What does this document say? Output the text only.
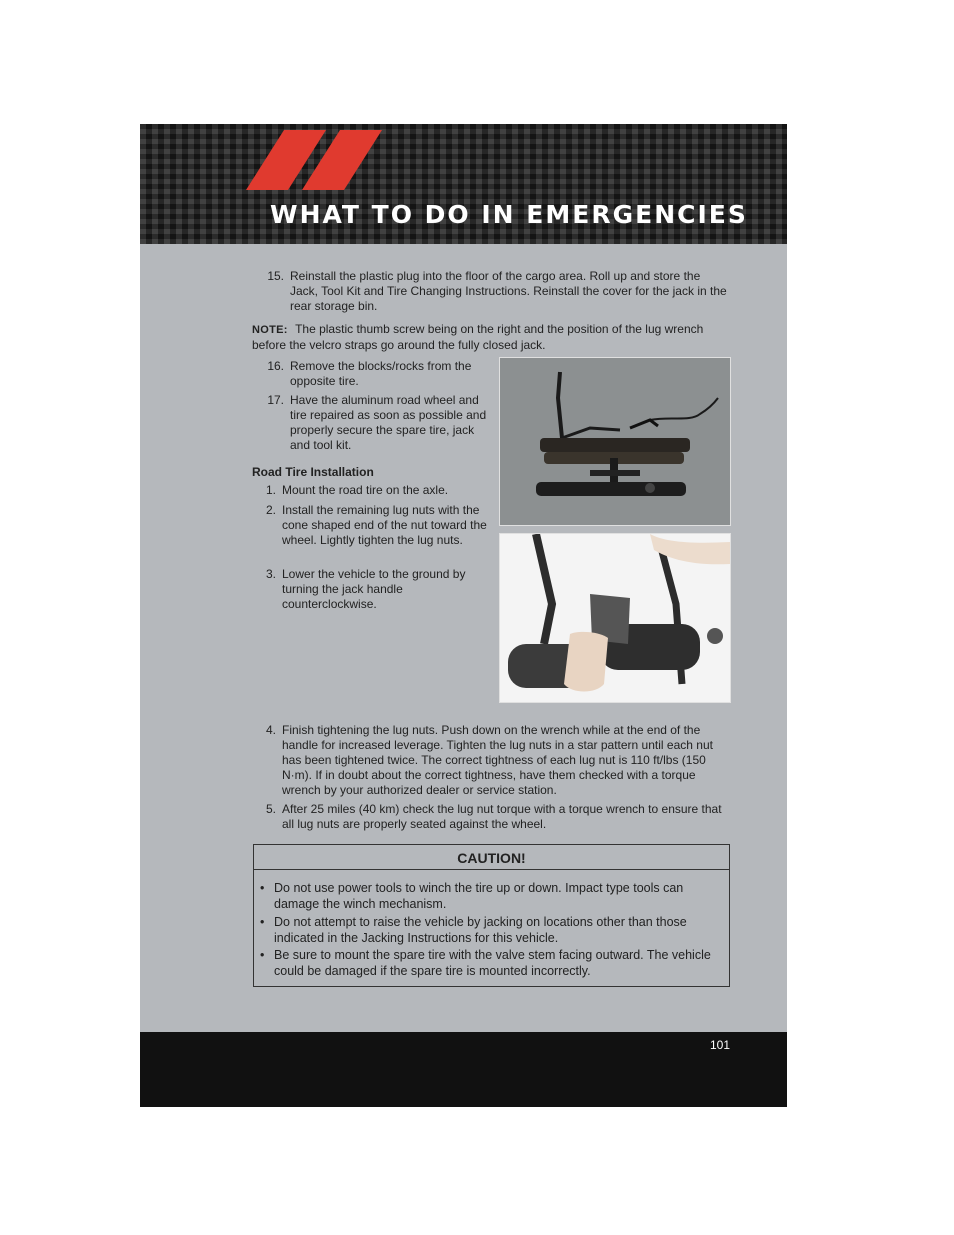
WHAT TO DO IN EMERGENCIES
15. Reinstall the plastic plug into the floor of the cargo area. Roll up and store the Jack, Tool Kit and Tire Changing Instructions. Reinstall the cover for the jack in the rear storage bin.
NOTE: The plastic thumb screw being on the right and the position of the lug wrench before the velcro straps go around the fully closed jack.
16. Remove the blocks/rocks from the opposite tire.
17. Have the aluminum road wheel and tire repaired as soon as possible and properly secure the spare tire, jack and tool kit.
Road Tire Installation
1. Mount the road tire on the axle.
2. Install the remaining lug nuts with the cone shaped end of the nut toward the wheel. Lightly tighten the lug nuts.
3. Lower the vehicle to the ground by turning the jack handle counterclockwise.
4. Finish tightening the lug nuts. Push down on the wrench while at the end of the handle for increased leverage. Tighten the lug nuts in a star pattern until each nut has been tightened twice. The correct tightness of each lug nut is 110 ft/lbs (150 N·m). If in doubt about the correct tightness, have them checked with a torque wrench by your authorized dealer or service station.
5. After 25 miles (40 km) check the lug nut torque with a torque wrench to ensure that all lug nuts are properly seated against the wheel.
CAUTION!
• Do not use power tools to winch the tire up or down. Impact type tools can damage the winch mechanism.
• Do not attempt to raise the vehicle by jacking on locations other than those indicated in the Jacking Instructions for this vehicle.
• Be sure to mount the spare tire with the valve stem facing outward. The vehicle could be damaged if the spare tire is mounted incorrectly.
101
